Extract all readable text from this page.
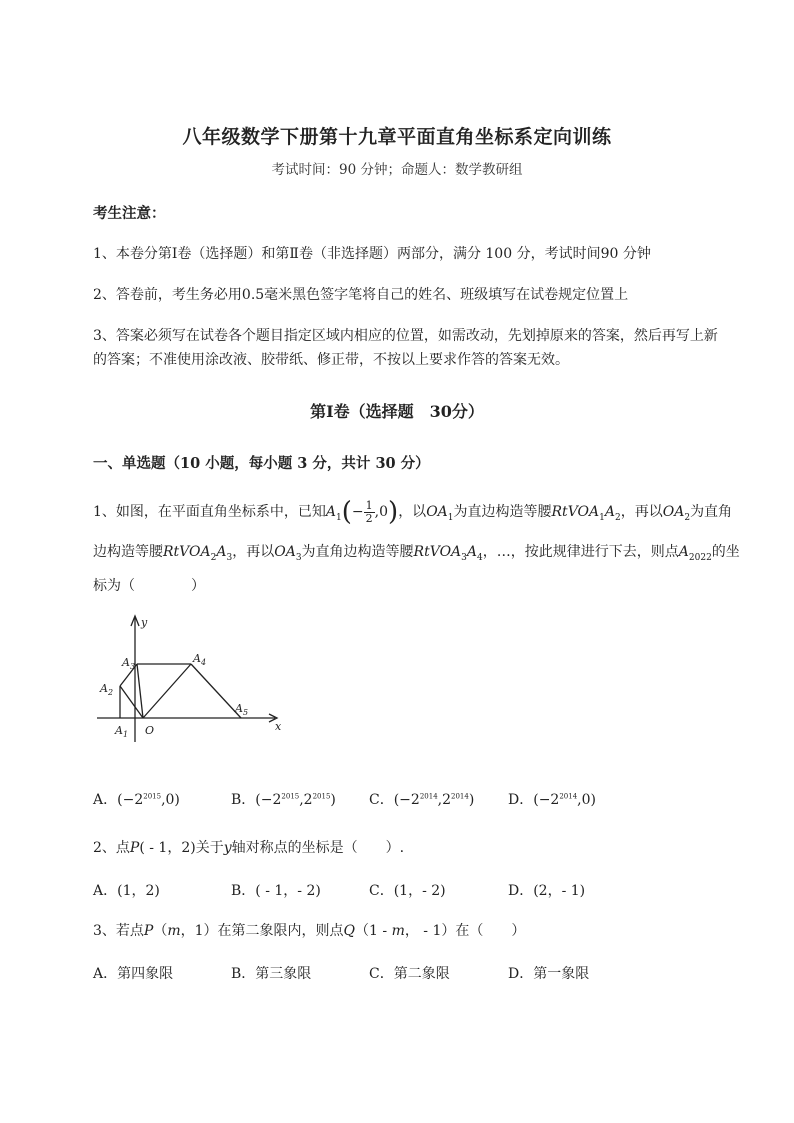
八年级数学下册第十九章平面直角坐标系定向训练
考试时间：90 分钟；命题人：数学教研组
考生注意：
1、本卷分第Ⅰ卷（选择题）和第Ⅱ卷（非选择题）两部分，满分 100 分，考试时间90 分钟
2、答卷前，考生务必用0.5毫米黑色签字笔将自己的姓名、班级填写在试卷规定位置上
3、答案必须写在试卷各个题目指定区域内相应的位置，如需改动，先划掉原来的答案，然后再写上新
的答案；不准使用涂改液、胶带纸、修正带，不按以上要求作答的答案无效。
第Ⅰ卷（选择题　30分）
一、单选题（10 小题，每小题 3 分，共计 30 分）
1、如图，在平面直角坐标系中，已知$A_1(- \frac{1}{2} ,0)$，以$OA_1$为直边构造等腰$RtVOA_1A_2$，再以$OA_2$为直角
边构造等腰$RtVOA_2A_3$，再以$OA_3$为直角边构造等腰$RtVOA_3A_4$，…，按此规律进行下去，则点$A_{2022}$的坐
标为（　　　　）
y
x
O
$A_1$
$A_2$
$A_3$
$A_4$
$A_5$
A．$(-2^{2015},0)$	B．$(-2^{2015},2^{2015})$ C．$(-2^{2014},2^{2014})$ D．$(-2^{2014},0)$
2、点P( - 1，2)关于y轴对称点的坐标是（　　）.
A．(1，2)	B．( - 1，- 2)	C．(1，- 2)	D．(2，- 1)
3、若点P（m，1）在第二象限内，则点Q（1 - m， - 1）在（　　）
A．第四象限	B．第三象限	C．第二象限	D．第一象限
